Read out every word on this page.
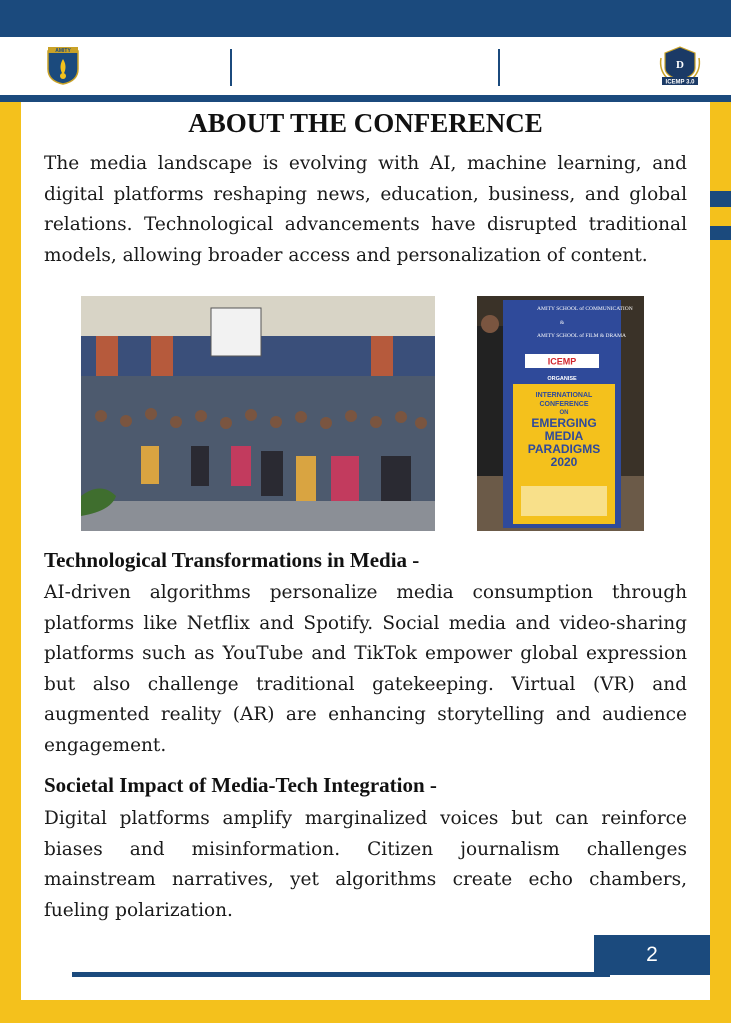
AMITY
D
ICEMP 3.0
ABOUT THE CONFERENCE

The media landscape is evolving with AI, machine learning, and digital platforms reshaping news, education, business, and global relations. Technological advancements have disrupted traditional models, allowing broader access and personalization of content.

ICEMP
AMITY SCHOOL of COMMUNICATION
&
AMITY SCHOOL of FILM & DRAMA
ORGANISE
INTERNATIONAL
CONFERENCE
ON
EMERGING
MEDIA
PARADIGMS
2020
Technological Transformations in Media -

AI-driven algorithms personalize media consumption through platforms like Netflix and Spotify. Social media and video-sharing platforms such as YouTube and TikTok empower global expression but also challenge traditional gatekeeping. Virtual (VR) and augmented reality (AR) are enhancing storytelling and audience engagement.

Societal Impact of Media-Tech Integration -

Digital platforms amplify marginalized voices but can reinforce biases and misinformation. Citizen journalism challenges mainstream narratives, yet algorithms create echo chambers, fueling polarization.

2
